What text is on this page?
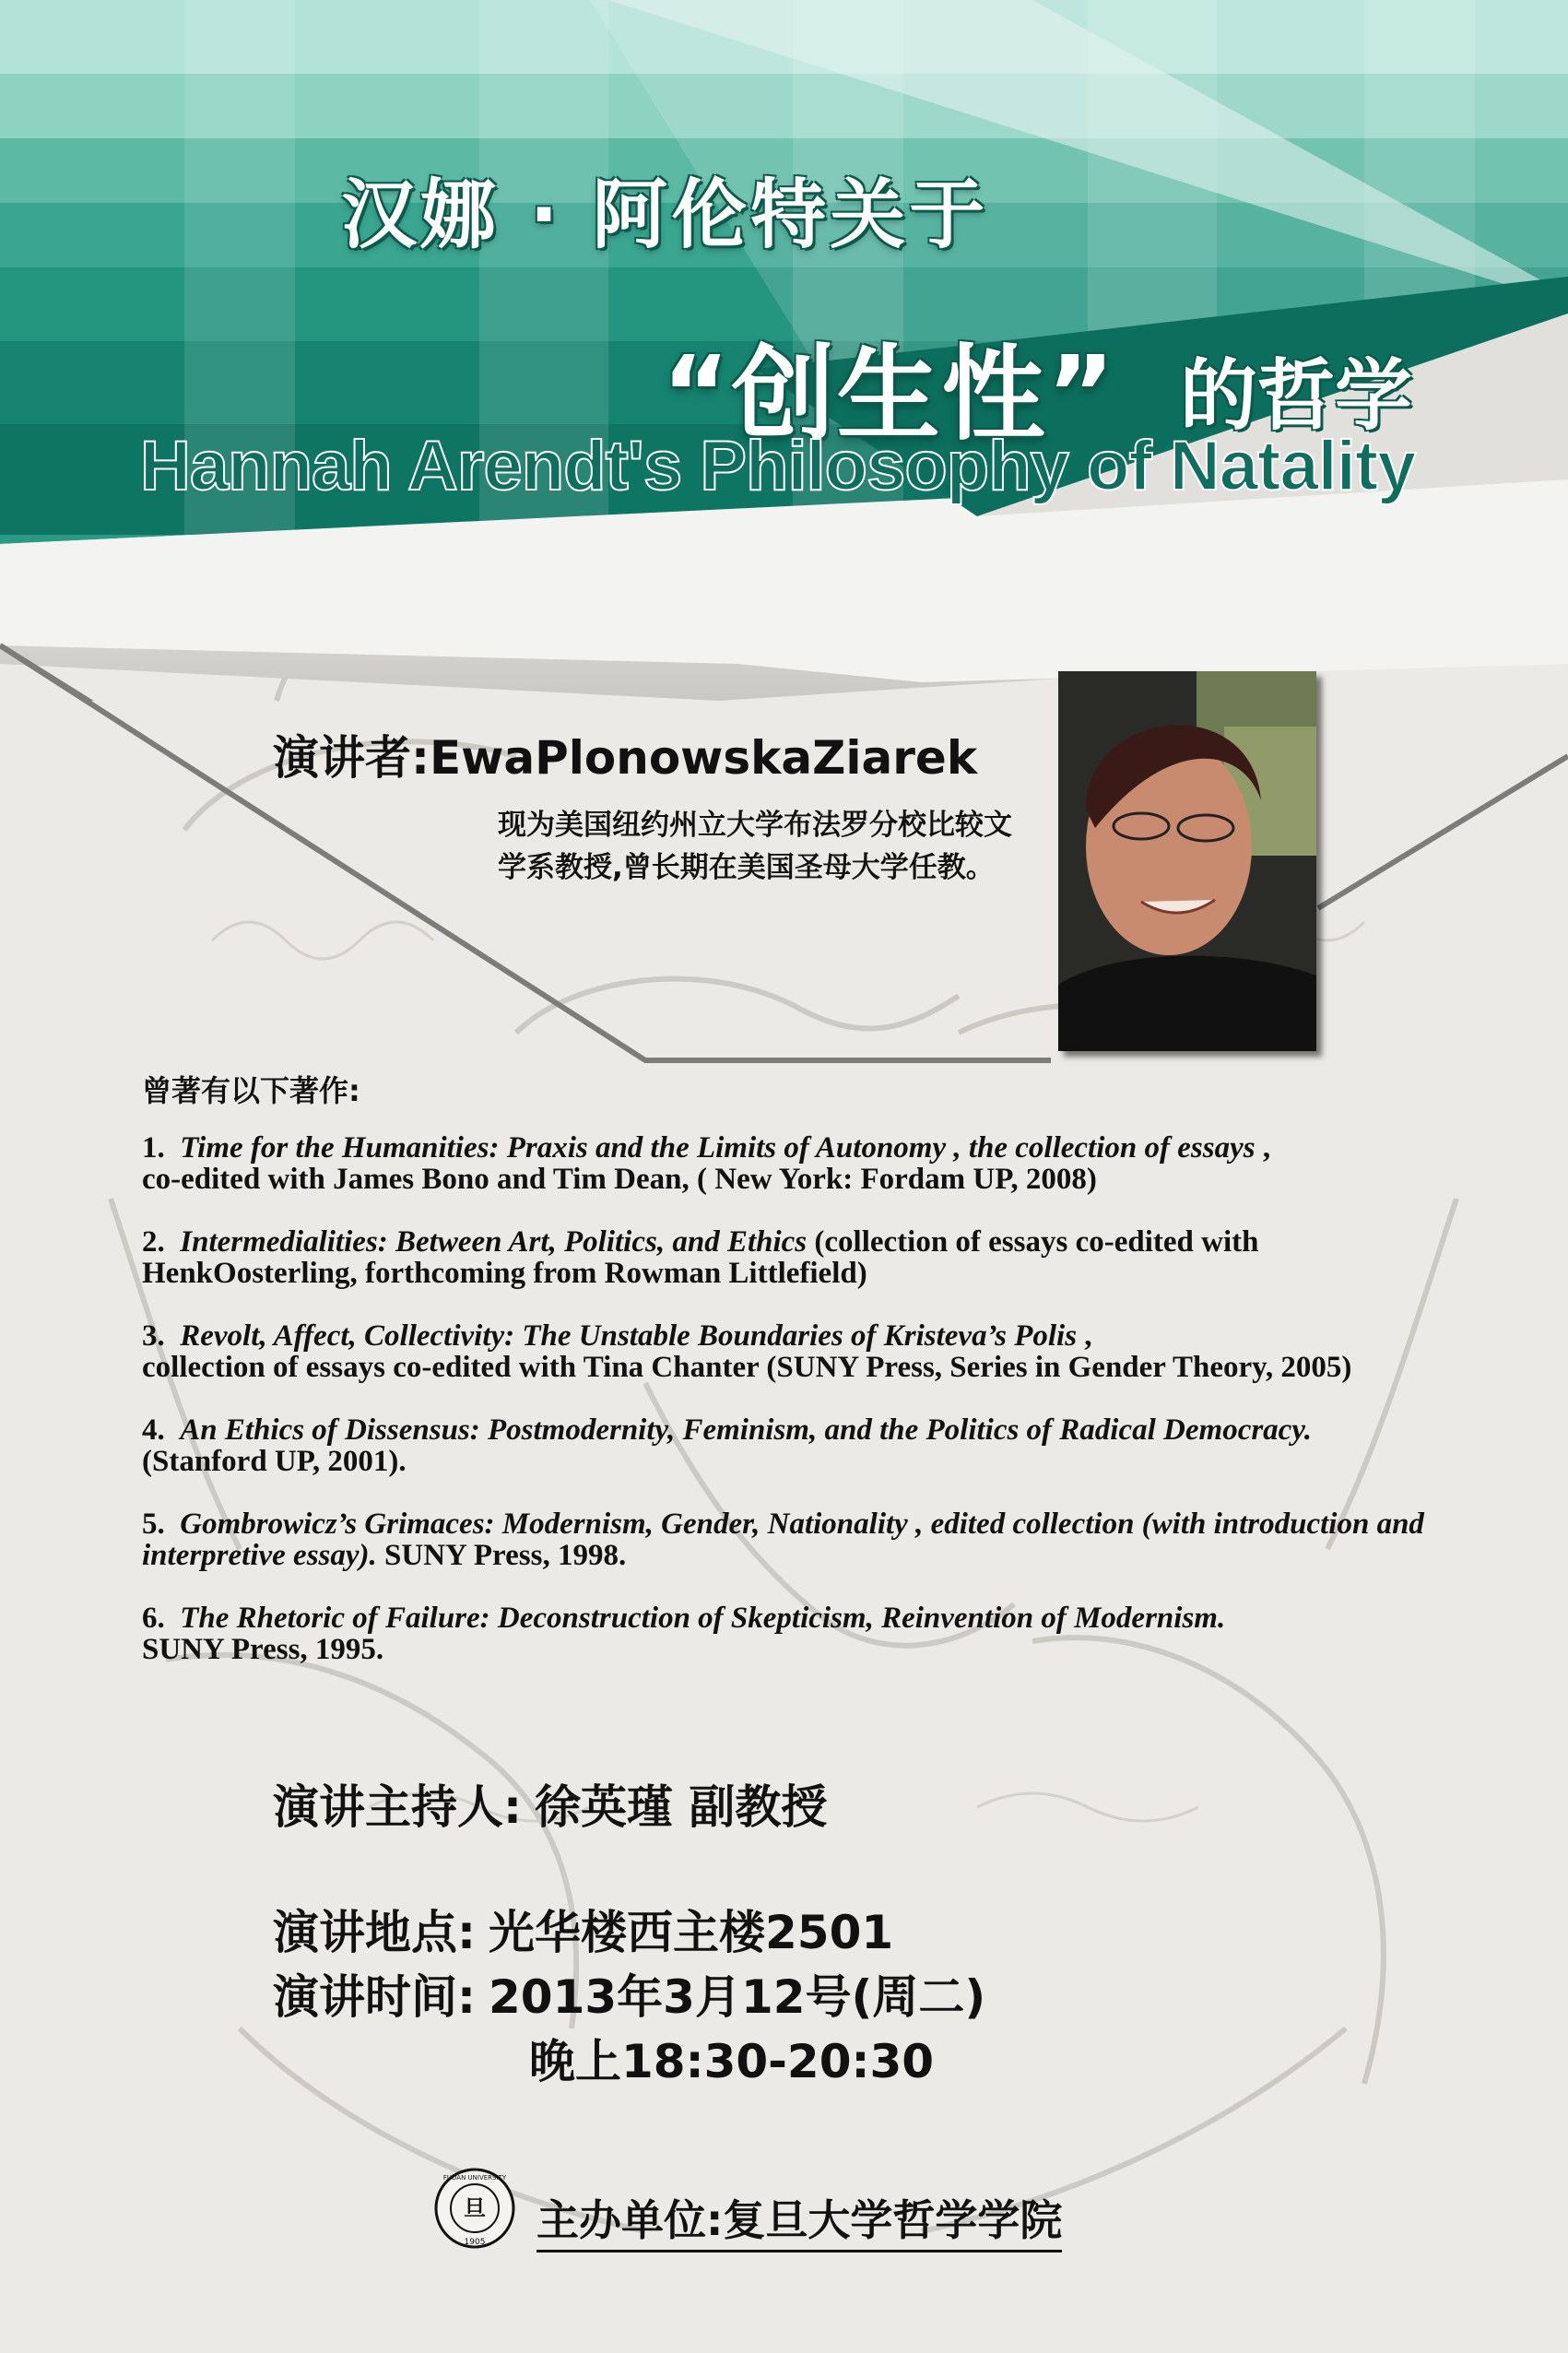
汉娜 · 阿伦特关于
“创生性” 的哲学
Hannah Arendt's Philosophy of Natality
演讲者:EwaPlonowskaZiarek
现为美国纽约州立大学布法罗分校比较文学系教授,曾长期在美国圣母大学任教。
曾著有以下著作:
1. Time for the Humanities: Praxis and the Limits of Autonomy , the collection of essays ,
co-edited with James Bono and Tim Dean, ( New York: Fordam UP, 2008)
2. Intermedialities: Between Art, Politics, and Ethics (collection of essays co-edited with HenkOosterling, forthcoming from Rowman Littlefield)
3. Revolt, Affect, Collectivity: The Unstable Boundaries of Kristeva’s Polis ,
collection of essays co-edited with Tina Chanter (SUNY Press, Series in Gender Theory, 2005)
4. An Ethics of Dissensus: Postmodernity, Feminism, and the Politics of Radical Democracy.(Stanford UP, 2001).
5. Gombrowicz’s Grimaces: Modernism, Gender, Nationality , edited collection (with introduction and interpretive essay). SUNY Press, 1998.
6. The Rhetoric of Failure: Deconstruction of Skepticism, Reinvention of Modernism.
SUNY Press, 1995.
演讲主持人: 徐英瑾 副教授
演讲地点: 光华楼西主楼2501
演讲时间: 2013年3月12号(周二)
晚上18:30-20:30
旦
1905
FUDAN UNIVERSITY
主办单位:复旦大学哲学学院
